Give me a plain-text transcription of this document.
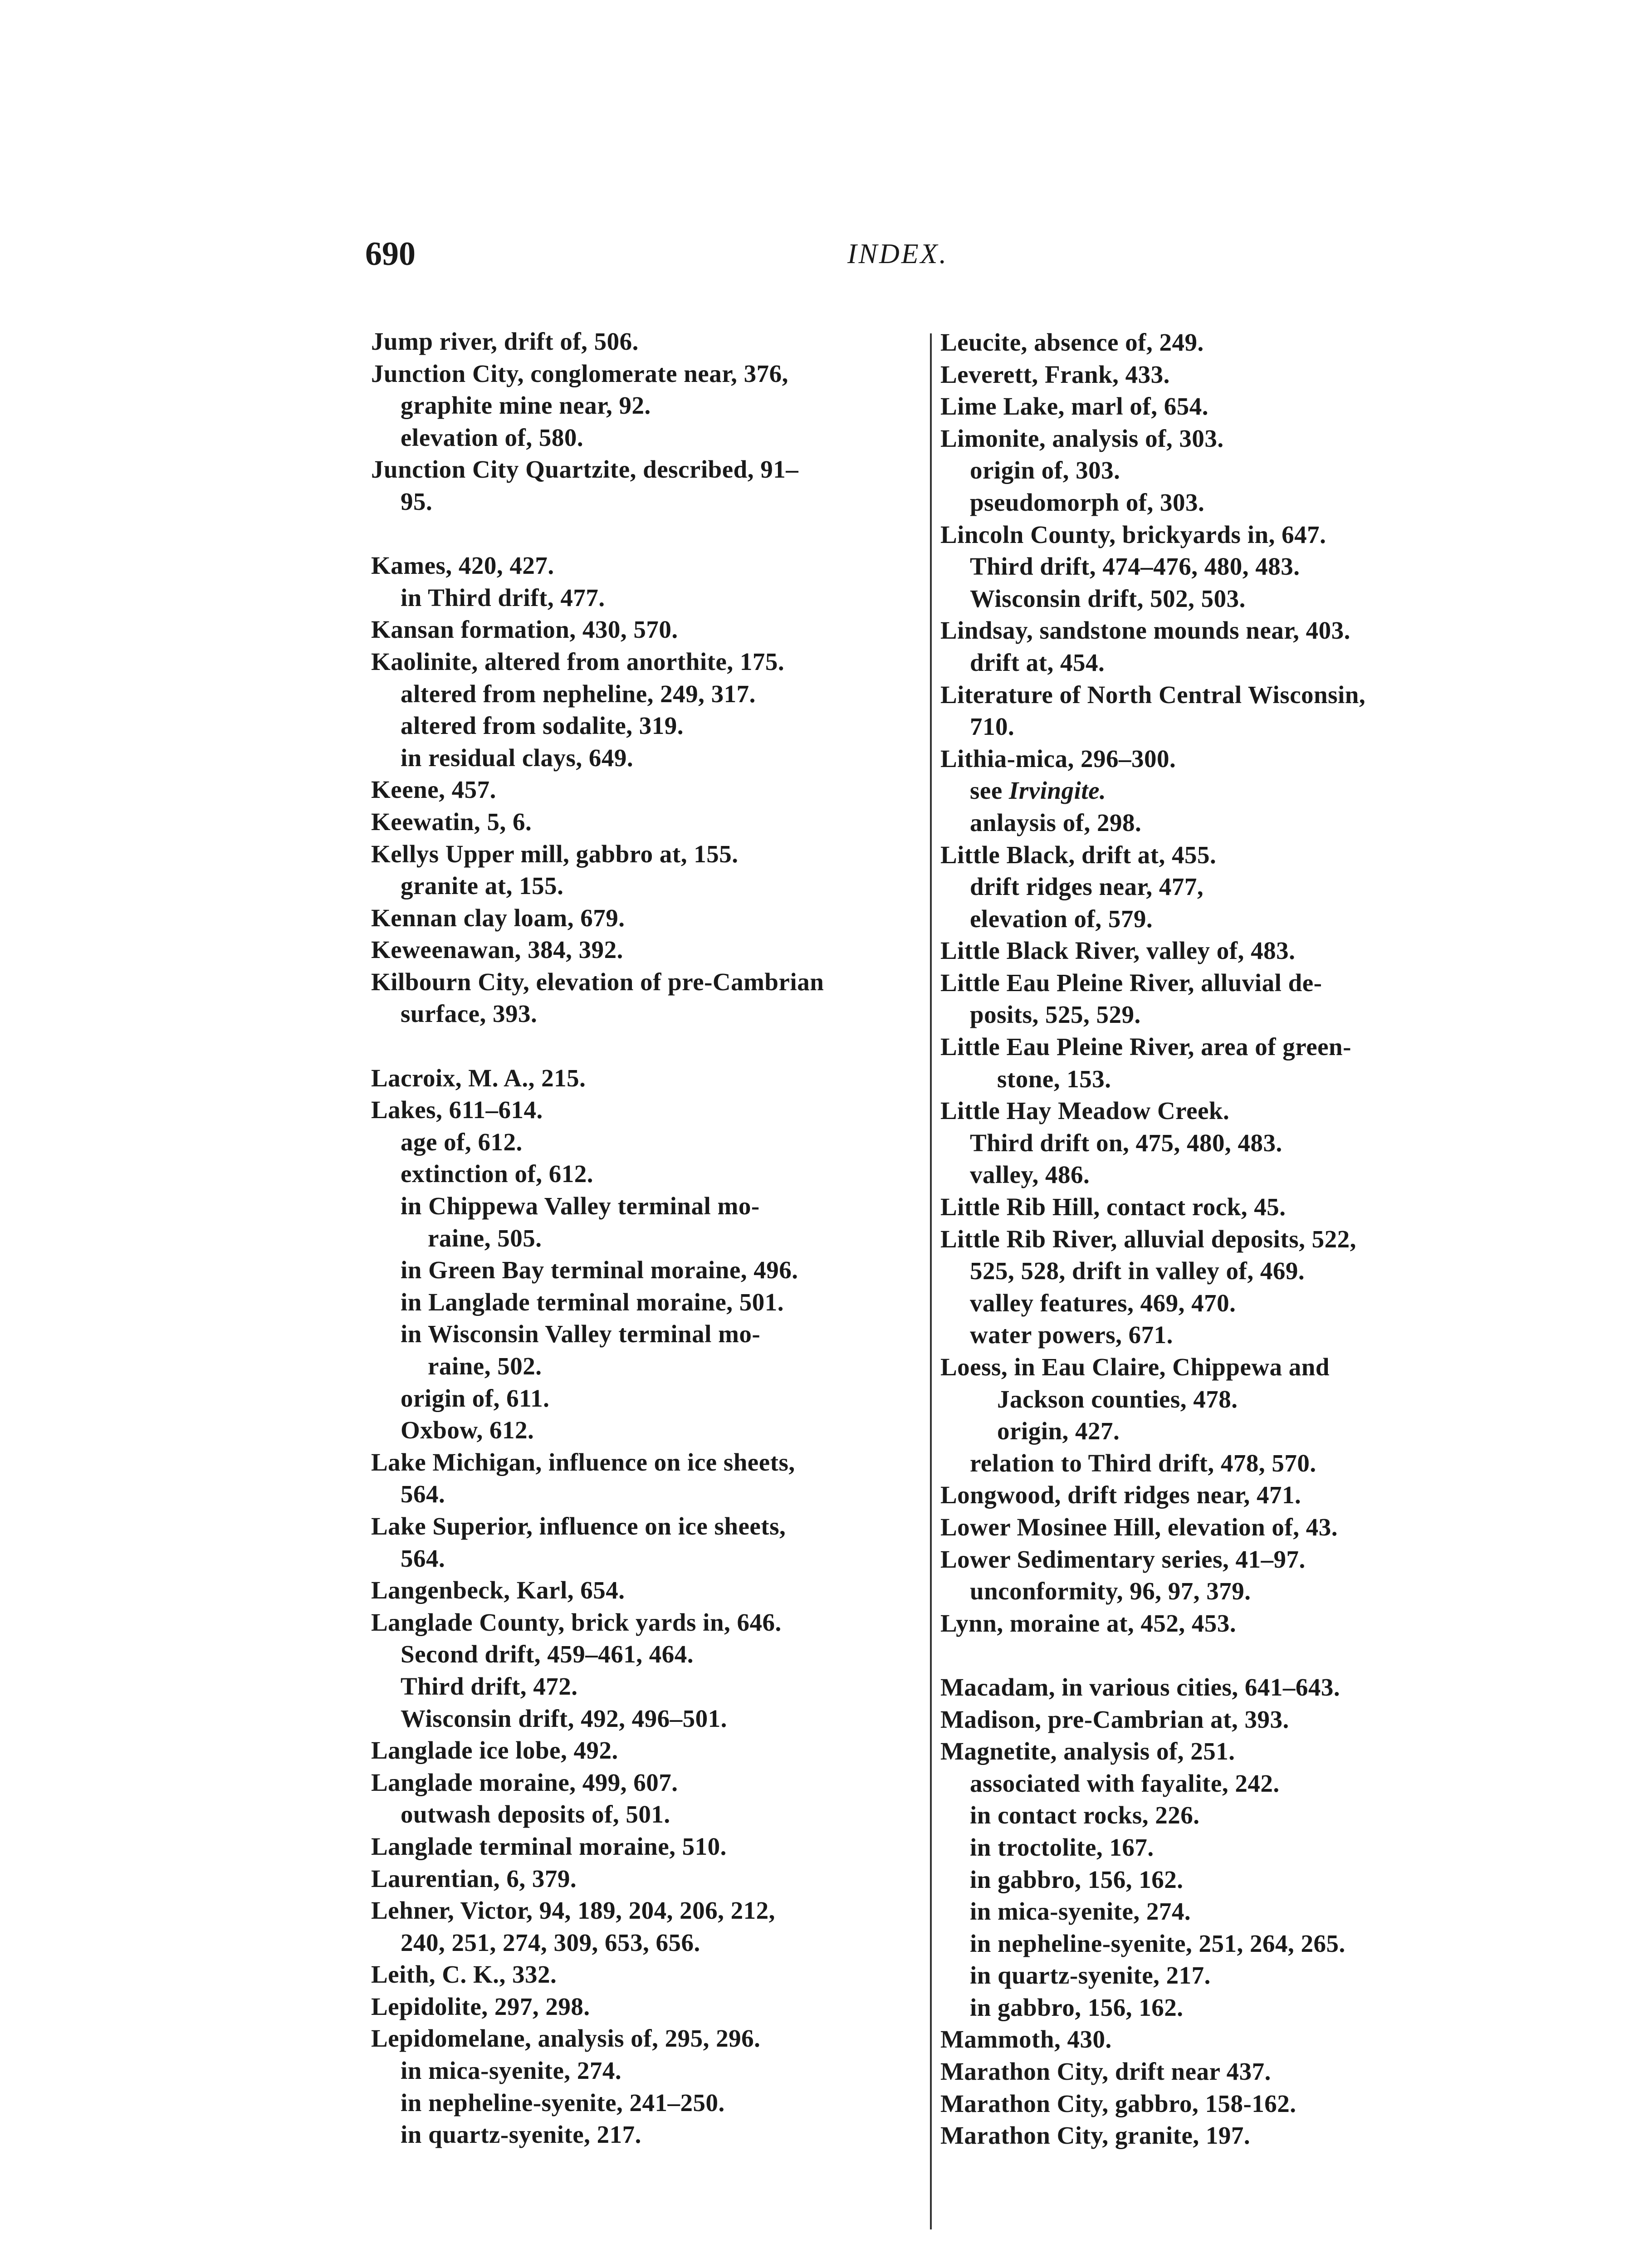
690	INDEX.
Jump river, drift of, 506.
Junction City, conglomerate near, 376,
graphite mine near, 92.
elevation of, 580.
Junction City Quartzite, described, 91–
95.
Kames, 420, 427.
in Third drift, 477.
Kansan formation, 430, 570.
Kaolinite, altered from anorthite, 175.
altered from nepheline, 249, 317.
altered from sodalite, 319.
in residual clays, 649.
Keene, 457.
Keewatin, 5, 6.
Kellys Upper mill, gabbro at, 155.
granite at, 155.
Kennan clay loam, 679.
Keweenawan, 384, 392.
Kilbourn City, elevation of pre-Cambrian
surface, 393.
Lacroix, M. A., 215.
Lakes, 611–614.
age of, 612.
extinction of, 612.
in Chippewa Valley terminal mo-
raine, 505.
in Green Bay terminal moraine, 496.
in Langlade terminal moraine, 501.
in Wisconsin Valley terminal mo-
raine, 502.
origin of, 611.
Oxbow, 612.
Lake Michigan, influence on ice sheets,
564.
Lake Superior, influence on ice sheets,
564.
Langenbeck, Karl, 654.
Langlade County, brick yards in, 646.
Second drift, 459–461, 464.
Third drift, 472.
Wisconsin drift, 492, 496–501.
Langlade ice lobe, 492.
Langlade moraine, 499, 607.
outwash deposits of, 501.
Langlade terminal moraine, 510.
Laurentian, 6, 379.
Lehner, Victor, 94, 189, 204, 206, 212,
240, 251, 274, 309, 653, 656.
Leith, C. K., 332.
Lepidolite, 297, 298.
Lepidomelane, analysis of, 295, 296.
in mica-syenite, 274.
in nepheline-syenite, 241–250.
in quartz-syenite, 217.
Leucite, absence of, 249.
Leverett, Frank, 433.
Lime Lake, marl of, 654.
Limonite, analysis of, 303.
origin of, 303.
pseudomorph of, 303.
Lincoln County, brickyards in, 647.
Third drift, 474–476, 480, 483.
Wisconsin drift, 502, 503.
Lindsay, sandstone mounds near, 403.
drift at, 454.
Literature of North Central Wisconsin,
710.
Lithia-mica, 296–300.
see Irvingite.
anlaysis of, 298.
Little Black, drift at, 455.
drift ridges near, 477,
elevation of, 579.
Little Black River, valley of, 483.
Little Eau Pleine River, alluvial de-
posits, 525, 529.
Little Eau Pleine River, area of green-
stone, 153.
Little Hay Meadow Creek.
Third drift on, 475, 480, 483.
valley, 486.
Little Rib Hill, contact rock, 45.
Little Rib River, alluvial deposits, 522,
525, 528, drift in valley of, 469.
valley features, 469, 470.
water powers, 671.
Loess, in Eau Claire, Chippewa and
Jackson counties, 478.
origin, 427.
relation to Third drift, 478, 570.
Longwood, drift ridges near, 471.
Lower Mosinee Hill, elevation of, 43.
Lower Sedimentary series, 41–97.
unconformity, 96, 97, 379.
Lynn, moraine at, 452, 453.
Macadam, in various cities, 641–643.
Madison, pre-Cambrian at, 393.
Magnetite, analysis of, 251.
associated with fayalite, 242.
in contact rocks, 226.
in troctolite, 167.
in gabbro, 156, 162.
in mica-syenite, 274.
in nepheline-syenite, 251, 264, 265.
in quartz-syenite, 217.
in gabbro, 156, 162.
Mammoth, 430.
Marathon City, drift near 437.
Marathon City, gabbro, 158-162.
Marathon City, granite, 197.
